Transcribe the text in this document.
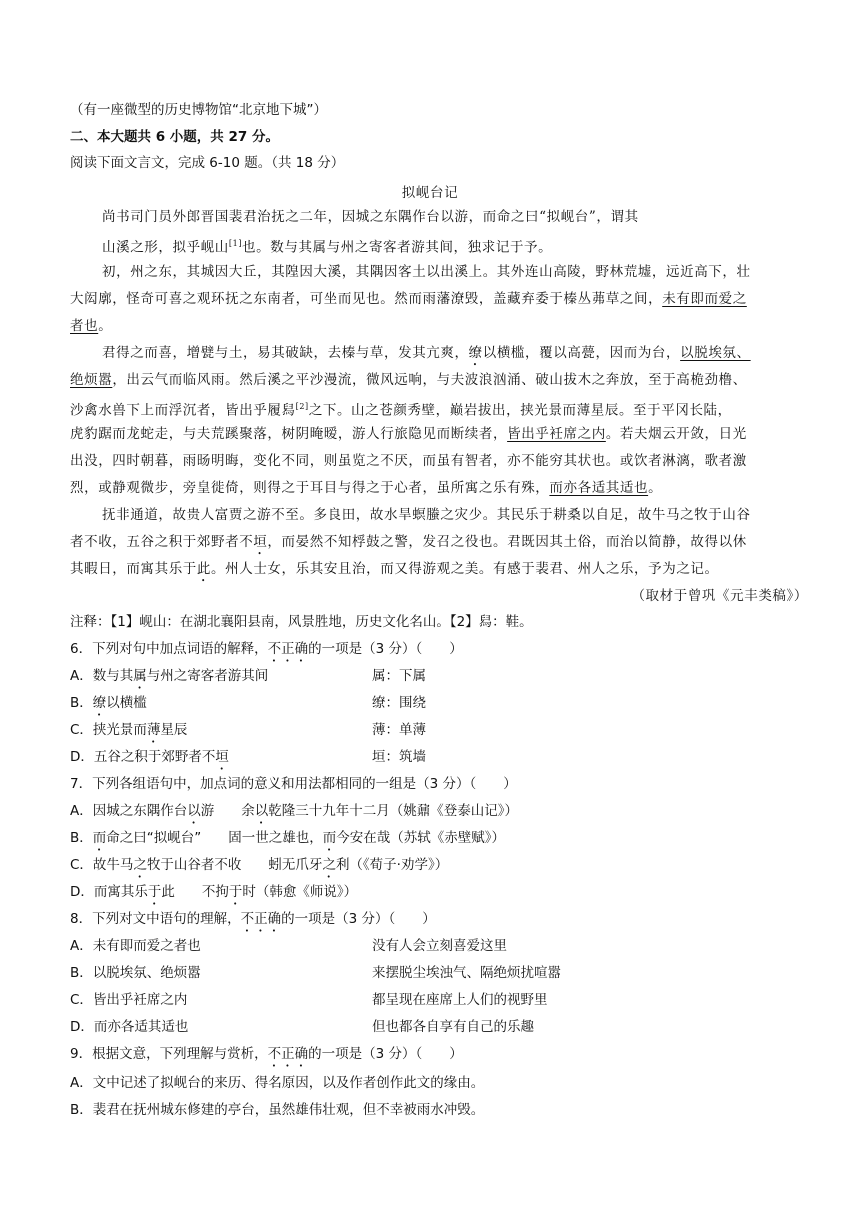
（有一座微型的历史博物馆“北京地下城”）
二、本大题共 6 小题，共 27 分。
阅读下面文言文，完成 6-10 题。（共 18 分）
拟岘台记
尚书司门员外郎晋国裴君治抚之二年，因城之东隅作台以游，而命之曰“拟岘台”，谓其
山溪之形，拟乎岘山[1]也。数与其属与州之寄客者游其间，独求记于予。
初，州之东，其城因大丘，其隍因大溪，其隅因客土以出溪上。其外连山高陵，野林荒墟，远近高下，壮
大闳廓，怪奇可喜之观环抚之东南者，可坐而见也。然而雨藩潦毁，盖藏弃委于榛丛茀草之间，未有即而爱之
者也。
君得之而喜，增甓与土，易其破缺，去榛与草，发其亢爽，缭以横槛，覆以高甍，因而为台，以脱埃氛、
绝烦嚣，出云气而临风雨。然后溪之平沙漫流，微风远响，与夫波浪汹涌、破山拔木之奔放，至于高桅劲橹、
沙禽水兽下上而浮沉者，皆出乎履舄[2]之下。山之苍颜秀壁，巅岩拔出，挟光景而薄星辰。至于平冈长陆，
虎豹踞而龙蛇走，与夫荒蹊聚落，树阴晻暧，游人行旅隐见而断续者，皆出乎衽席之内。若夫烟云开敛，日光
出没，四时朝暮，雨旸明晦，变化不同，则虽览之不厌，而虽有智者，亦不能穷其状也。或饮者淋漓，歌者激
烈，或静观微步，旁皇徙倚，则得之于耳目与得之于心者，虽所寓之乐有殊，而亦各适其适也。
抚非通道，故贵人富贾之游不至。多良田，故水旱螟螣之灾少。其民乐于耕桑以自足，故牛马之牧于山谷
者不收，五谷之积于郊野者不垣，而晏然不知桴鼓之警，发召之役也。君既因其土俗，而治以简静，故得以休
其暇日，而寓其乐于此。州人士女，乐其安且治，而又得游观之美。有感于裴君、州人之乐，予为之记。
（取材于曾巩《元丰类稿》）
注释：【1】岘山：在湖北襄阳县南，风景胜地，历史文化名山。【2】舄：鞋。
6．下列对句中加点词语的解释，不正确的一项是（3 分）（　　）
A．数与其属与州之寄客者游其间	属：下属
B．缭以横槛	缭：围绕
C．挟光景而薄星辰	薄：单薄
D．五谷之积于郊野者不垣	垣：筑墙
7．下列各组语句中，加点词的意义和用法都相同的一组是（3 分）（　　）
A．因城之东隅作台以游　　余以乾隆三十九年十二月（姚鼐《登泰山记》）
B．而命之曰“拟岘台”　　固一世之雄也，而今安在哉（苏轼《赤壁赋》）
C．故牛马之牧于山谷者不收　　蚓无爪牙之利（《荀子·劝学》）
D．而寓其乐于此　　不拘于时（韩愈《师说》）
8．下列对文中语句的理解，不正确的一项是（3 分）（　　）
A．未有即而爱之者也	没有人会立刻喜爱这里
B．以脱埃氛、绝烦嚣	来摆脱尘埃浊气、隔绝烦扰喧嚣
C．皆出乎衽席之内	都呈现在座席上人们的视野里
D．而亦各适其适也	但也都各自享有自己的乐趣
9．根据文意，下列理解与赏析，不正确的一项是（3 分）（　　）
A．文中记述了拟岘台的来历、得名原因，以及作者创作此文的缘由。
B．裴君在抚州城东修建的亭台，虽然雄伟壮观，但不幸被雨水冲毁。
